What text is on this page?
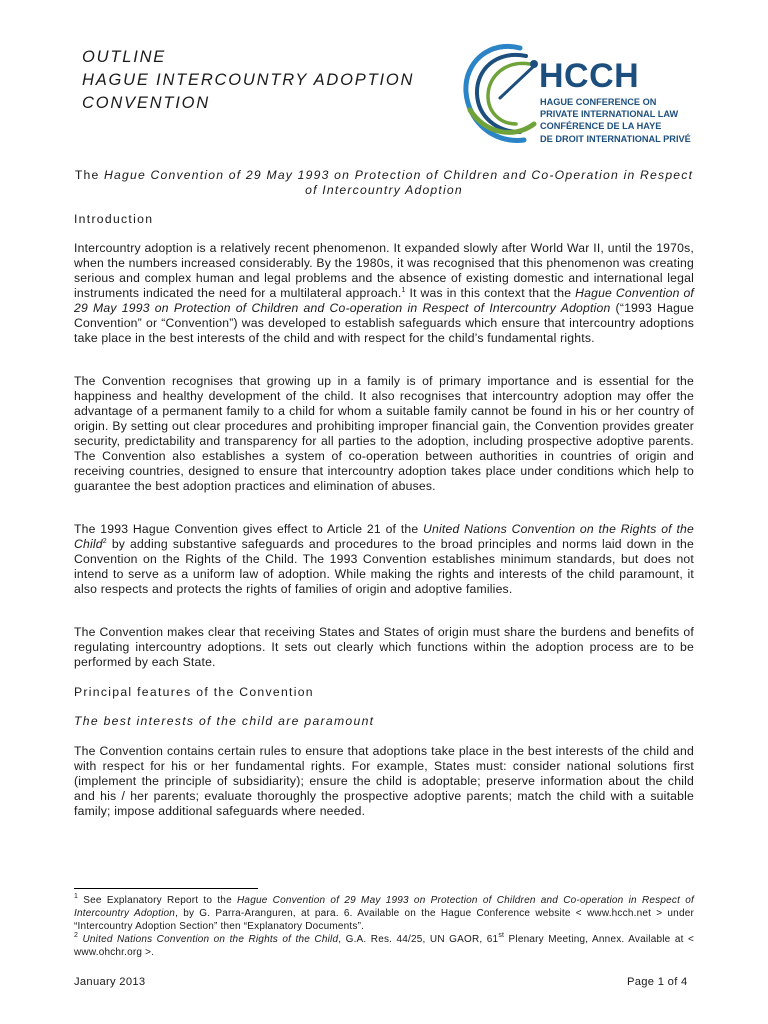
OUTLINE
HAGUE INTERCOUNTRY ADOPTION
CONVENTION
HCCH
HAGUE CONFERENCE ON
PRIVATE INTERNATIONAL LAW
CONFÉRENCE DE LA HAYE
DE DROIT INTERNATIONAL PRIVÉ
The Hague Convention of 29 May 1993 on Protection of Children and Co-Operation in Respect of Intercountry Adoption
Introduction
Intercountry adoption is a relatively recent phenomenon. It expanded slowly after World War II, until the 1970s, when the numbers increased considerably. By the 1980s, it was recognised that this phenomenon was creating serious and complex human and legal problems and the absence of existing domestic and international legal instruments indicated the need for a multilateral approach.$^1$ It was in this context that the Hague Convention of 29 May 1993 on Protection of Children and Co-operation in Respect of Intercountry Adoption (“1993 Hague Convention” or “Convention”) was developed to establish safeguards which ensure that intercountry adoptions take place in the best interests of the child and with respect for the child’s fundamental rights.
The Convention recognises that growing up in a family is of primary importance and is essential for the happiness and healthy development of the child. It also recognises that intercountry adoption may offer the advantage of a permanent family to a child for whom a suitable family cannot be found in his or her country of origin. By setting out clear procedures and prohibiting improper financial gain, the Convention provides greater security, predictability and transparency for all parties to the adoption, including prospective adoptive parents. The Convention also establishes a system of co-operation between authorities in countries of origin and receiving countries, designed to ensure that intercountry adoption takes place under conditions which help to guarantee the best adoption practices and elimination of abuses.
The 1993 Hague Convention gives effect to Article 21 of the United Nations Convention on the Rights of the Child$^2$ by adding substantive safeguards and procedures to the broad principles and norms laid down in the Convention on the Rights of the Child. The 1993 Convention establishes minimum standards, but does not intend to serve as a uniform law of adoption. While making the rights and interests of the child paramount, it also respects and protects the rights of families of origin and adoptive families.
The Convention makes clear that receiving States and States of origin must share the burdens and benefits of regulating intercountry adoptions. It sets out clearly which functions within the adoption process are to be performed by each State.
Principal features of the Convention
The best interests of the child are paramount
The Convention contains certain rules to ensure that adoptions take place in the best interests of the child and with respect for his or her fundamental rights. For example, States must: consider national solutions first (implement the principle of subsidiarity); ensure the child is adoptable; preserve information about the child and his / her parents; evaluate thoroughly the prospective adoptive parents; match the child with a suitable family; impose additional safeguards where needed.

$^1$ See Explanatory Report to the Hague Convention of 29 May 1993 on Protection of Children and Co-operation in Respect of Intercountry Adoption, by G. Parra-Aranguren, at para. 6. Available on the Hague Conference website < www.hcch.net > under “Intercountry Adoption Section” then “Explanatory Documents”.

$^2$ United Nations Convention on the Rights of the Child, G.A. Res. 44/25, UN GAOR, 61st Plenary Meeting, Annex. Available at < www.ohchr.org >.

January 2013	Page 1 of 4
